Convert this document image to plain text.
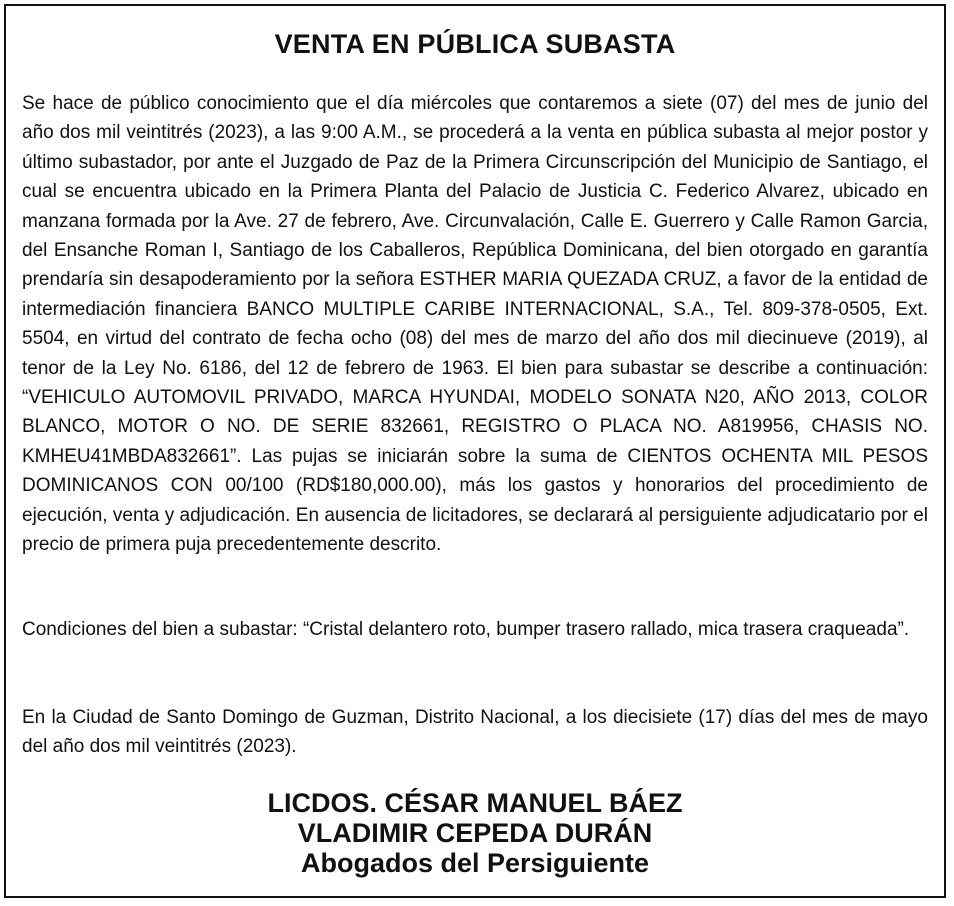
VENTA EN PÚBLICA SUBASTA

Se hace de público conocimiento que el día miércoles que contaremos a siete (07) del mes de junio del año dos mil veintitrés (2023), a las 9:00 A.M., se procederá a la venta en pública subasta al mejor postor y último subastador, por ante el Juzgado de Paz de la Primera Circunscripción del Municipio de Santiago, el cual se encuentra ubicado en la Primera Planta del Palacio de Justicia C. Federico Alvarez, ubicado en manzana formada por la Ave. 27 de febrero, Ave. Circunvalación, Calle E. Guerrero y Calle Ramon Garcia, del Ensanche Roman I, Santiago de los Caballeros, República Dominicana, del bien otorgado en garantía prendaría sin desapoderamiento por la señora ESTHER MARIA QUEZADA CRUZ, a favor de la entidad de intermediación financiera BANCO MULTIPLE CARIBE INTERNACIONAL, S.A., Tel. 809-378-0505, Ext. 5504, en virtud del contrato de fecha ocho (08) del mes de marzo del año dos mil diecinueve (2019), al tenor de la Ley No. 6186, del 12 de febrero de 1963. El bien para subastar se describe a continuación: “VEHICULO AUTOMOVIL PRIVADO, MARCA HYUNDAI, MODELO SONATA N20, AÑO 2013, COLOR BLANCO, MOTOR O NO. DE SERIE 832661, REGISTRO O PLACA NO. A819956, CHASIS NO. KMHEU41MBDA832661”. Las pujas se iniciarán sobre la suma de CIENTOS OCHENTA MIL PESOS DOMINICANOS CON 00/100 (RD$180,000.00), más los gastos y honorarios del procedimiento de ejecución, venta y adjudicación. En ausencia de licitadores, se declarará al persiguiente adjudicatario por el precio de primera puja precedentemente descrito.

Condiciones del bien a subastar: “Cristal delantero roto, bumper trasero rallado, mica trasera craqueada”.

En la Ciudad de Santo Domingo de Guzman, Distrito Nacional, a los diecisiete (17) días del mes de mayo del año dos mil veintitrés (2023).

LICDOS. CÉSAR MANUEL BÁEZ
VLADIMIR CEPEDA DURÁN
Abogados del Persiguiente
